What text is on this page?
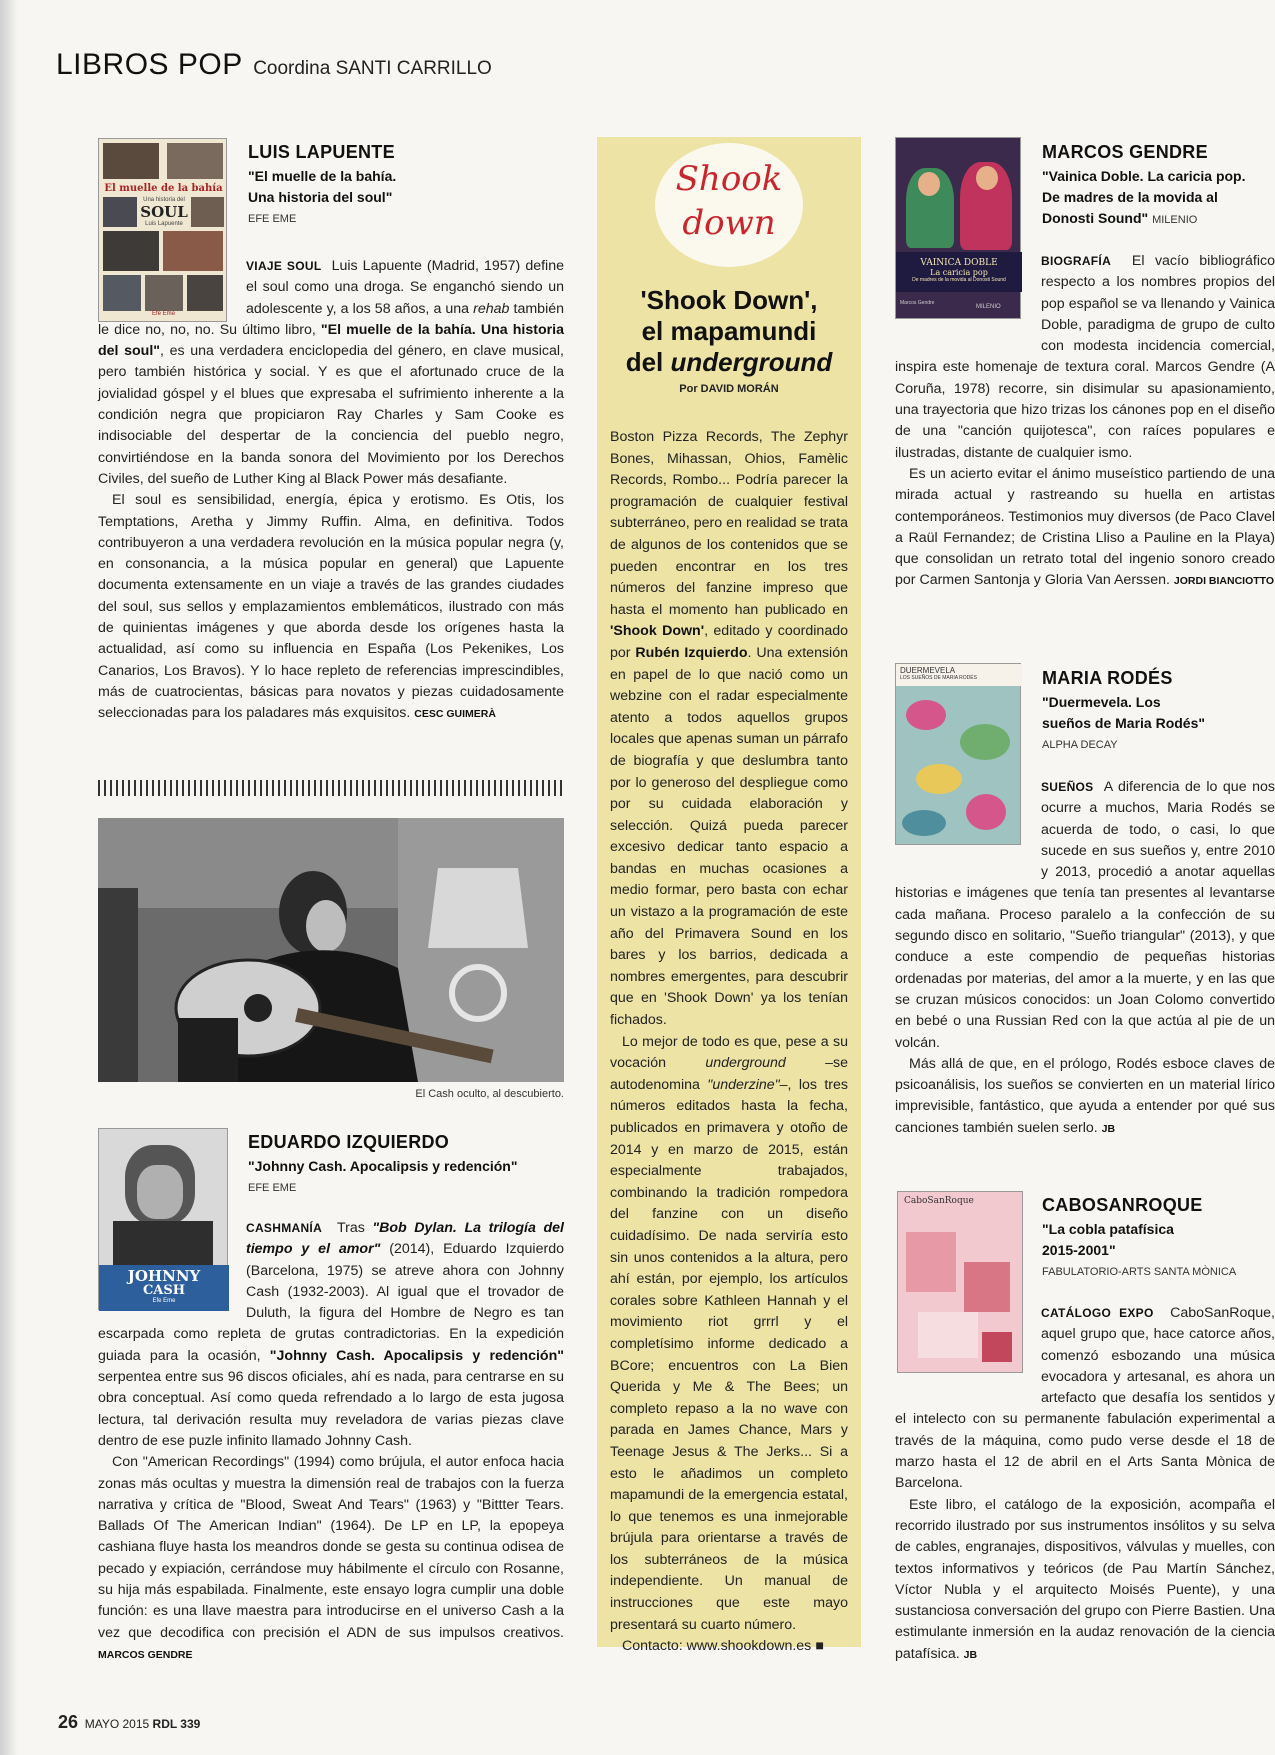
LIBROS POP Coordina SANTI CARRILLO
El muelle de la bahía
Una historia del
SOUL
Luis Lapuente
Efe Eme
LUIS LAPUENTE
"El muelle de la bahía.
Una historia del soul"
EFE EME

VIAJE SOUL Luis Lapuente (Madrid, 1957) define el soul como una droga. Se enganchó siendo un adolescente y, a los 58 años, a una rehab también le dice no, no, no. Su último libro, "El muelle de la bahía. Una historia del soul", es una verdadera enciclopedia del género, en clave musical, pero también histórica y social. Y es que el afortunado cruce de la jovialidad góspel y el blues que expresaba el sufrimiento inherente a la condición negra que propiciaron Ray Charles y Sam Cooke es indisociable del despertar de la conciencia del pueblo negro, convirtiéndose en la banda sonora del Movimiento por los Derechos Civiles, del sueño de Luther King al Black Power más desafiante.

El soul es sensibilidad, energía, épica y erotismo. Es Otis, los Temptations, Aretha y Jimmy Ruffin. Alma, en definitiva. Todos contribuyeron a una verdadera revolución en la música popular negra (y, en consonancia, a la música popular en general) que Lapuente documenta extensamente en un viaje a través de las grandes ciudades del soul, sus sellos y emplazamientos emblemáticos, ilustrado con más de quinientas imágenes y que aborda desde los orígenes hasta la actualidad, así como su influencia en España (Los Pekenikes, Los Canarios, Los Bravos). Y lo hace repleto de referencias imprescindibles, más de cuatrocientas, básicas para novatos y piezas cuidadosamente seleccionadas para los paladares más exquisitos. CESC GUIMERÀ

El Cash oculto, al descubierto.
JOHNNY
CASH
Efe Eme
EDUARDO IZQUIERDO
"Johnny Cash. Apocalipsis y redención"
EFE EME

CASHMANÍA Tras "Bob Dylan. La trilogía del tiempo y el amor" (2014), Eduardo Izquierdo (Barcelona, 1975) se atreve ahora con Johnny Cash (1932-2003). Al igual que el trovador de Duluth, la figura del Hombre de Negro es tan escarpada como repleta de grutas contradictorias. En la expedición guiada para la ocasión, "Johnny Cash. Apocalipsis y redención" serpentea entre sus 96 discos oficiales, ahí es nada, para centrarse en su obra conceptual. Así como queda refrendado a lo largo de esta jugosa lectura, tal derivación resulta muy reveladora de varias piezas clave dentro de ese puzle infinito llamado Johnny Cash.

Con "American Recordings" (1994) como brújula, el autor enfoca hacia zonas más ocultas y muestra la dimensión real de trabajos con la fuerza narrativa y crítica de "Blood, Sweat And Tears" (1963) y "Bittter Tears. Ballads Of The American Indian" (1964). De LP en LP, la epopeya cashiana fluye hasta los meandros donde se gesta su continua odisea de pecado y expiación, cerrándose muy hábilmente el círculo con Rosanne, su hija más espabilada. Finalmente, este ensayo logra cumplir una doble función: es una llave maestra para introducirse en el universo Cash a la vez que decodifica con precisión el ADN de sus impulsos creativos. MARCOS GENDRE

Shook
down
'Shook Down',
el mapamundi
del underground
Por DAVID MORÁN

Boston Pizza Records, The Zephyr Bones, Mihassan, Ohios, Famèlic Records, Rombo... Podría parecer la programación de cualquier festival subterráneo, pero en realidad se trata de algunos de los contenidos que se pueden encontrar en los tres números del fanzine impreso que hasta el momento han publicado en 'Shook Down', editado y coordinado por Rubén Izquierdo. Una extensión en papel de lo que nació como un webzine con el radar especialmente atento a todos aquellos grupos locales que apenas suman un párrafo de biografía y que deslumbra tanto por lo generoso del despliegue como por su cuidada elaboración y selección. Quizá pueda parecer excesivo dedicar tanto espacio a bandas en muchas ocasiones a medio formar, pero basta con echar un vistazo a la programación de este año del Primavera Sound en los bares y los barrios, dedicada a nombres emergentes, para descubrir que en 'Shook Down' ya los tenían fichados.

Lo mejor de todo es que, pese a su vocación underground –se autodenomina "underzine"–, los tres números editados hasta la fecha, publicados en primavera y otoño de 2014 y en marzo de 2015, están especialmente trabajados, combinando la tradición rompedora del fanzine con un diseño cuidadísimo. De nada serviría esto sin unos contenidos a la altura, pero ahí están, por ejemplo, los artículos corales sobre Kathleen Hannah y el movimiento riot grrrl y el completísimo informe dedicado a BCore; encuentros con La Bien Querida y Me & The Bees; un completo repaso a la no wave con parada en James Chance, Mars y Teenage Jesus & The Jerks... Si a esto le añadimos un completo mapamundi de la emergencia estatal, lo que tenemos es una inmejorable brújula para orientarse a través de los subterráneos de la música independiente. Un manual de instrucciones que este mayo presentará su cuarto número.

Contacto: www.shookdown.es ■

VAINICA DOBLE
La caricia pop
De madres de la movida al Donosti Sound
Marcos Gendre
MILENIO
MARCOS GENDRE
"Vainica Doble. La caricia pop.
De madres de la movida al
Donosti Sound" MILENIO

BIOGRAFÍA El vacío bibliográfico respecto a los nombres propios del pop español se va llenando y Vainica Doble, paradigma de grupo de culto con modesta incidencia comercial, inspira este homenaje de textura coral. Marcos Gendre (A Coruña, 1978) recorre, sin disimular su apasionamiento, una trayectoria que hizo trizas los cánones pop en el diseño de una "canción quijotesca", con raíces populares e ilustradas, distante de cualquier ismo.

Es un acierto evitar el ánimo museístico partiendo de una mirada actual y rastreando su huella en artistas contemporáneos. Testimonios muy diversos (de Paco Clavel a Raül Fernandez; de Cristina Lliso a Pauline en la Playa) que consolidan un retrato total del ingenio sonoro creado por Carmen Santonja y Gloria Van Aerssen. JORDI BIANCIOTTO

DUERMEVELA
LOS SUEÑOS DE MARIA RODÉS	MARIA RODÉS
"Duermevela. Los
sueños de Maria Rodés"
ALPHA DECAY

SUEÑOS A diferencia de lo que nos ocurre a muchos, Maria Rodés se acuerda de todo, o casi, lo que sucede en sus sueños y, entre 2010 y 2013, procedió a anotar aquellas historias e imágenes que tenía tan presentes al levantarse cada mañana. Proceso paralelo a la confección de su segundo disco en solitario, "Sueño triangular" (2013), y que conduce a este compendio de pequeñas historias ordenadas por materias, del amor a la muerte, y en las que se cruzan músicos conocidos: un Joan Colomo convertido en bebé o una Russian Red con la que actúa al pie de un volcán.

Más allá de que, en el prólogo, Rodés esboce claves de psicoanálisis, los sueños se convierten en un material lírico imprevisible, fantástico, que ayuda a entender por qué sus canciones también suelen serlo. JB

CaboSanRoque	CABOSANROQUE
"La cobla patafísica
2015-2001"
FABULATORIO-ARTS SANTA MÒNICA

CATÁLOGO EXPO CaboSanRoque, aquel grupo que, hace catorce años, comenzó esbozando una música evocadora y artesanal, es ahora un artefacto que desafía los sentidos y el intelecto con su permanente fabulación experimental a través de la máquina, como pudo verse desde el 18 de marzo hasta el 12 de abril en el Arts Santa Mònica de Barcelona.

Este libro, el catálogo de la exposición, acompaña el recorrido ilustrado por sus instrumentos insólitos y su selva de cables, engranajes, dispositivos, válvulas y muelles, con textos informativos y teóricos (de Pau Martín Sánchez, Víctor Nubla y el arquitecto Moisés Puente), y una sustanciosa conversación del grupo con Pierre Bastien. Una estimulante inmersión en la audaz renovación de la ciencia patafísica. JB

26 MAYO 2015 RDL 339
